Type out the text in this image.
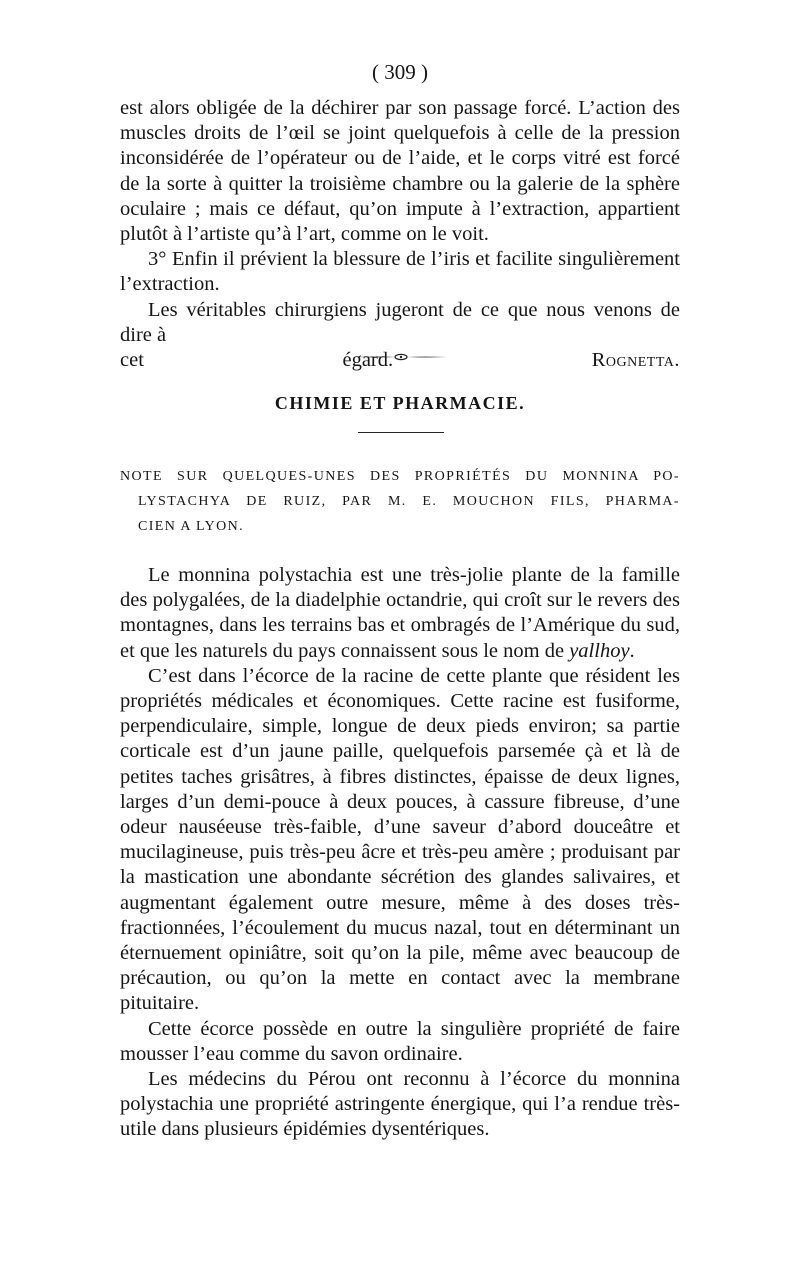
( 309 )

est alors obligée de la déchirer par son passage forcé. L’action des muscles droits de l’œil se joint quelquefois à celle de la pression inconsidérée de l’opérateur ou de l’aide, et le corps vitré est forcé de la sorte à quitter la troisième chambre ou la galerie de la sphère oculaire ; mais ce défaut, qu’on impute à l’extraction, appartient plutôt à l’artiste qu’à l’art, comme on le voit.

3° Enfin il prévient la blessure de l’iris et facilite singulièrement l’extraction.

Les véritables chirurgiens jugeront de ce que nous venons de dire à

cet égard.	Rognetta.
CHIMIE ET PHARMACIE.
NOTE SUR QUELQUES-UNES DES PROPRIÉTÉS DU MONNINA PO-
LYSTACHYA DE RUIZ, PAR M. E. MOUCHON FILS, PHARMA-
CIEN A LYON.

Le monnina polystachia est une très-jolie plante de la famille des polygalées, de la diadelphie octandrie, qui croît sur le revers des montagnes, dans les terrains bas et ombragés de l’Amérique du sud, et que les naturels du pays connaissent sous le nom de yallhoy.

C’est dans l’écorce de la racine de cette plante que résident les propriétés médicales et économiques. Cette racine est fusiforme, perpendiculaire, simple, longue de deux pieds environ; sa partie corticale est d’un jaune paille, quelquefois parsemée çà et là de petites taches grisâtres, à fibres distinctes, épaisse de deux lignes, larges d’un demi-pouce à deux pouces, à cassure fibreuse, d’une odeur nauséeuse très-faible, d’une saveur d’abord douceâtre et mucilagineuse, puis très-peu âcre et très-peu amère ; produisant par la mastication une abondante sécrétion des glandes salivaires, et augmentant également outre mesure, même à des doses très-fractionnées, l’écoulement du mucus nazal, tout en déterminant un éternuement opiniâtre, soit qu’on la pile, même avec beaucoup de précaution, ou qu’on la mette en contact avec la membrane pituitaire.

Cette écorce possède en outre la singulière propriété de faire mousser l’eau comme du savon ordinaire.

Les médecins du Pérou ont reconnu à l’écorce du monnina polystachia une propriété astringente énergique, qui l’a rendue très-utile dans plusieurs épidémies dysentériques.
